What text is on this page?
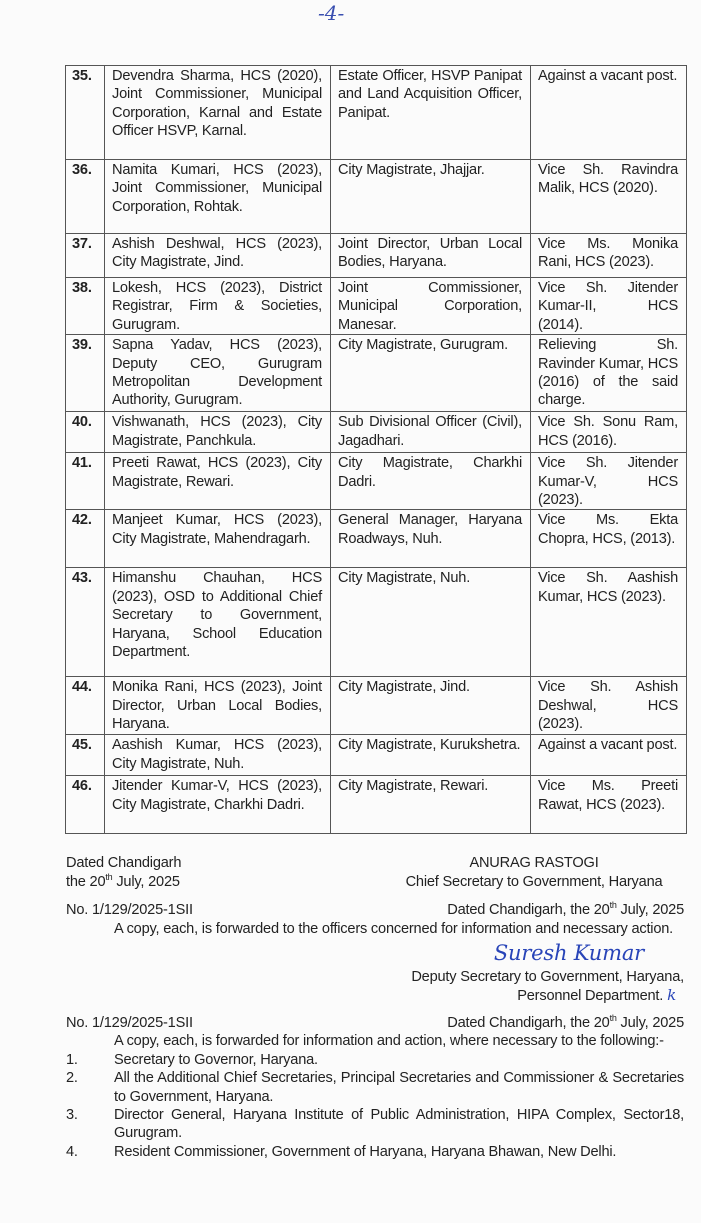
-4-
35.	Devendra Sharma, HCS (2020), Joint Commissioner, Municipal Corporation, Karnal and Estate Officer HSVP, Karnal.	Estate Officer, HSVP Panipat and Land Acquisition Officer, Panipat.	Against a vacant post.
36.	Namita Kumari, HCS (2023), Joint Commissioner, Municipal Corporation, Rohtak.	City Magistrate, Jhajjar.	Vice Sh. Ravindra Malik, HCS (2020).
37.	Ashish Deshwal, HCS (2023), City Magistrate, Jind.	Joint Director, Urban Local Bodies, Haryana.	Vice Ms. Monika Rani, HCS (2023).
38.	Lokesh, HCS (2023), District Registrar, Firm & Societies, Gurugram.	Joint Commissioner, Municipal Corporation, Manesar.	Vice Sh. Jitender Kumar-II, HCS (2014).
39.	Sapna Yadav, HCS (2023), Deputy CEO, Gurugram Metropolitan Development Authority, Gurugram.	City Magistrate, Gurugram.	Relieving Sh. Ravinder Kumar, HCS (2016) of the said charge.
40.	Vishwanath, HCS (2023), City Magistrate, Panchkula.	Sub Divisional Officer (Civil), Jagadhari.	Vice Sh. Sonu Ram, HCS (2016).
41.	Preeti Rawat, HCS (2023), City Magistrate, Rewari.	City Magistrate, Charkhi Dadri.	Vice Sh. Jitender Kumar-V, HCS (2023).
42.	Manjeet Kumar, HCS (2023), City Magistrate, Mahendragarh.	General Manager, Haryana Roadways, Nuh.	Vice Ms. Ekta Chopra, HCS, (2013).
43.	Himanshu Chauhan, HCS (2023), OSD to Additional Chief Secretary to Government, Haryana, School Education Department.	City Magistrate, Nuh.	Vice Sh. Aashish Kumar, HCS (2023).
44.	Monika Rani, HCS (2023), Joint Director, Urban Local Bodies, Haryana.	City Magistrate, Jind.	Vice Sh. Ashish Deshwal, HCS (2023).
45.	Aashish Kumar, HCS (2023), City Magistrate, Nuh.	City Magistrate, Kurukshetra.	Against a vacant post.
46.	Jitender Kumar-V, HCS (2023), City Magistrate, Charkhi Dadri.	City Magistrate, Rewari.	Vice Ms. Preeti Rawat, HCS (2023).
Dated Chandigarh
the 20th July, 2025
ANURAG RASTOGI
Chief Secretary to Government, Haryana
No. 1/129/2025-1SII	Dated Chandigarh, the 20th July, 2025
A copy, each, is forwarded to the officers concerned for information and necessary action.
Suresh Kumar
Deputy Secretary to Government, Haryana,
Personnel Department. k
No. 1/129/2025-1SII	Dated Chandigarh, the 20th July, 2025
A copy, each, is forwarded for information and action, where necessary to the following:-
1.	Secretary to Governor, Haryana.
2.	All the Additional Chief Secretaries, Principal Secretaries and Commissioner & Secretaries to Government, Haryana.
3.	Director General, Haryana Institute of Public Administration, HIPA Complex, Sector18, Gurugram.
4.	Resident Commissioner, Government of Haryana, Haryana Bhawan, New Delhi.
